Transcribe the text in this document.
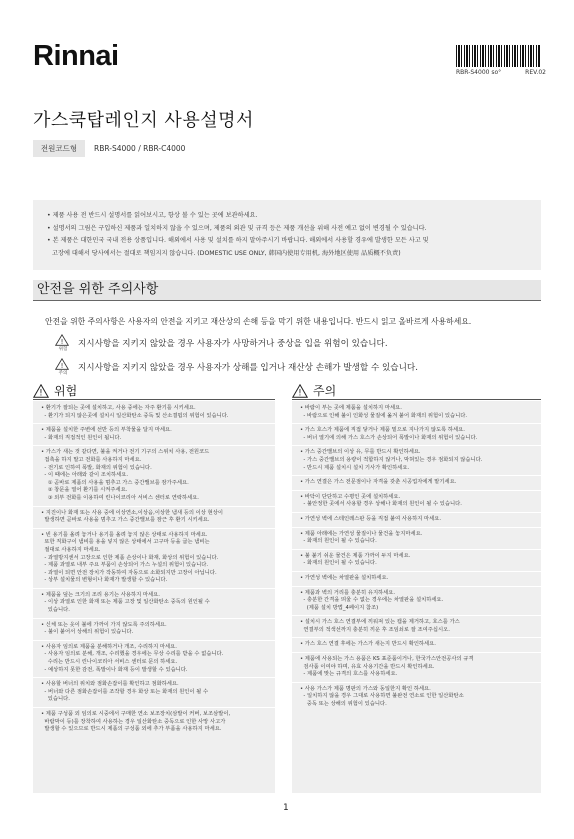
Rinnai
RBR-S4000 so°	REV.02
가스쿡탑레인지 사용설명서
전원코드형	RBR-S4000 / RBR-C4000
• 제품 사용 전 반드시 설명서를 읽어보시고, 항상 볼 수 있는 곳에 보관하세요.
• 설명서의 그림은 구입하신 제품과 일치하지 않을 수 있으며, 제품의 외관 및 규격 등은 제품 개선을 위해 사전 예고 없이 변경될 수 있습니다.
• 본 제품은 대한민국 국내 전용 상품입니다. 해외에서 사용 및 설치를 하지 말아주시기 바랍니다. 해외에서 사용할 경우에 발생한 모든 사고 및
고장에 대해서 당사에서는 절대로 책임지지 않습니다. (DOMESTIC USE ONLY, 韩国内使用专用机, 海外地区使用 品质概不负责)
안전을 위한 주의사항
안전을 위한 주의사항은 사용자의 안전을 지키고 재산상의 손해 등을 막기 위한 내용입니다. 반드시 읽고 올바르게 사용하세요.
!
위험
지시사항을 지키지 않았을 경우 사용자가 사망하거나 중상을 입을 위험이 있습니다.
!
주의
지시사항을 지키지 않았을 경우 사용자가 상해를 입거나 재산상 손해가 발생할 수 있습니다.
! 위험
• 환기가 잘되는 곳에 설치하고, 사용 중에는 자주 환기를 시키세요.
- 환기가 되지 않은곳에 설치시 일산화탄소 중독 및 산소결핍의 위험이 있습니다.
• 제품을 설치한 주변에 선반 등의 부착물을 달지 마세요.
- 화재의 직접적인 원인이 됩니다.
• 가스가 새는 것 같다면, 불을 켜거나 전기 기구의 스위치 사용, 전원코드
접촉을 하지 말고 전화를 사용하지 마세요.
- 전기로 인하여 폭발, 화재의 위험이 있습니다.
- 이 때에는 아래와 같이 조치하세요.
① 곧바로 제품의 사용을 멈추고 가스 중간밸브를 잠가주세요.
② 창문을 열어 환기를 시켜주세요.
③ 외부 전화를 이용하여 린나이코리아 서비스 센터로 연락하세요.
• 지진이나 화재 또는 사용 중에 이상연소,이상음,이상한 냄새 등의 이상 현상이
발생하면 곧바로 사용을 멈추고 가스 중간밸브를 잠근 후 환기 시키세요.
• 빈 용기를 올려 놓거나 용기를 올려 놓지 않은 상태로 사용하지 마세요.
또한 직화구이 냄비를 용을 넣지 않은 상태에서 고구마 등을 굽는 냄비는
절대로 사용하지 마세요.
- 과열방지센서 고장으로 인한 제품 손상이나 화재, 화상의 위험이 있습니다.
- 제품 과열로 내부 주요 부품이 손상되어 가스 누설의 위험이 있습니다.
- 과열이 되면 안전 장치가 작동하여 자동으로 소화되지만 고장이 아닙니다.
- 상부 설치물의 변형이나 화재가 발생할 수 있습니다.
• 제품을 덮는 크기의 조리 용기는 사용하지 마세요.
- 이상 과열로 인한 화재 또는 제품 고장 및 일산화탄소 중독의 원인될 수
있습니다.
• 신체 또는 옷이 불에 가까이 가지 않도록 주의하세요.
- 불이 붙어서 상해의 위험이 있습니다.
• 사용자 임의로 제품을 분해하거나 개조, 수리하지 마세요.
- 사용자 임의로 분해, 개조, 수리했을 경우에는 무상 수리를 받을 수 없습니다.
수리는 반드시 린나이코리아 서비스 센터로 문의 하세요.
- 예상하지 못한 감전, 폭발이나 화재 등이 발생할 수 있습니다.
• 사용할 버너의 위치와 점화손잡이를 확인하고 점화하세요.
- 버너와 다른 점화손잡이를 조작할 경우 화상 또는 화재의 원인이 될 수
있습니다.
• 제품 구성품 외 임의로 시중에서 구매한 연소 보조장치(삼발이 커버, 보조삼발이,
바람막이 등)를 장착하여 사용하는 경우 일산화탄소 중독으로 인한 사망 사고가
발생할 수 있으므로 반드시 제품의 구성품 외에 추가 부품을 사용하지 마세요.
! 주의
• 바람이 부는 곳에 제품을 설치하지 마세요.
- 바람으로 인해 불이 인화성 물질에 옮겨 붙어 화재의 위험이 있습니다.
• 가스 호스가 제품에 직접 닿거나 제품 밑으로 지나가지 않도록 하세요.
- 버너 열기에 의해 가스 호스가 손상되어 폭발이나 화재의 위험이 있습니다.
• 가스 중간밸브의 이상 유, 무를 반드시 확인하세요.
- 가스 중간밸브의 용량이 적합하지 않거나, 막혀있는 경우 점화되지 않습니다.
- 반드시 제품 설치시 설치 기사가 확인하세요.
• 가스 연결은 가스 전문점이나 자격을 갖춘 시공업자에게 맡기세요.
• 바닥이 단단하고 수평인 곳에 설치하세요.
- 불안정한 곳에서 사용할 경우 상해나 화재의 원인이 될 수 있습니다.
• 가연성 벽에 스테인레스판 등을 직접 붙여 사용하지 마세요.
• 제품 아래에는 가연성 물질이나 물건을 놓지마세요.
- 화재의 원인이 될 수 있습니다.
• 불 붙기 쉬운 물건은 제품 가까이 두지 마세요.
- 화재의 원인이 될 수 있습니다.
• 가연성 벽에는 차열판을 설치하세요.
• 제품과 벽의 거리를 충분히 유지하세요.
- 충분한 간격을 띄울 수 없는 경우에는 차열판을 설치하세요.
(제품 설치 방법_4페이지 참조)
• 설치시 가스 호스 연결부에 끼워져 있는 캡을 제거하고, 호스를 가스
연결부의 적색선까지 충분히 끼운 후 조임쇠로 잘 조여주십시오.
• 가스 호스 연결 후에는 가스가 새는지 반드시 확인하세요.
• 제품에 사용되는 가스 용품은 KS 표준품이거나, 한국가스안전공사의 규격
검사품 이여야 하며, 유효 사용기간을 반드시 확인하세요.
- 제품에 맞는 규격의 호스를 사용하세요.
• 사용 가스가 제품 명판의 가스와 동일한지 확인 하세요.
- 일치하지 않을 경우 그대로 사용하면 불완전 연소로 인한 일산화탄소
중독 또는 상해의 위험이 있습니다.
1
